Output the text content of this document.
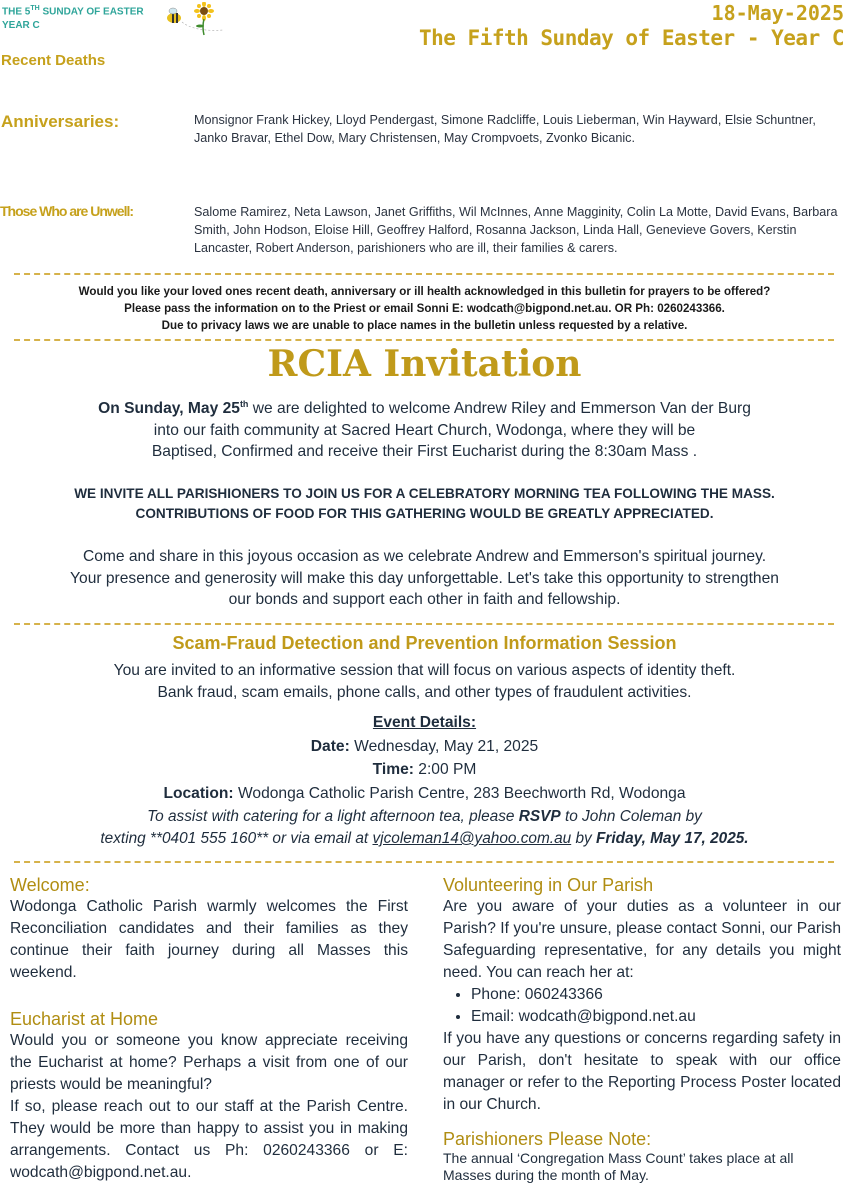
THE 5TH SUNDAY OF EASTER
YEAR C
18-May-2025
The Fifth Sunday of Easter - Year C
Recent Deaths
Anniversaries:	Monsignor Frank Hickey, Lloyd Pendergast, Simone Radcliffe, Louis Lieberman, Win Hayward, Elsie Schuntner, Janko Bravar, Ethel Dow, Mary Christensen, May Crompvoets, Zvonko Bicanic.
Those Who are Unwell:	Salome Ramirez, Neta Lawson, Janet Griffiths, Wil McInnes, Anne Magginity, Colin La Motte, David Evans, Barbara Smith, John Hodson, Eloise Hill, Geoffrey Halford, Rosanna Jackson, Linda Hall, Genevieve Govers, Kerstin Lancaster, Robert Anderson, parishioners who are ill, their families & carers.
Would you like your loved ones recent death, anniversary or ill health acknowledged in this bulletin for prayers to be offered?
Please pass the information on to the Priest or email Sonni E: wodcath@bigpond.net.au. OR Ph: 0260243366.
Due to privacy laws we are unable to place names in the bulletin unless requested by a relative.
RCIA Invitation
On Sunday, May 25th we are delighted to welcome Andrew Riley and Emmerson Van der Burg
into our faith community at Sacred Heart Church, Wodonga, where they will be
Baptised, Confirmed and receive their First Eucharist during the 8:30am Mass .
WE INVITE ALL PARISHIONERS TO JOIN US FOR A CELEBRATORY MORNING TEA FOLLOWING THE MASS.
CONTRIBUTIONS OF FOOD FOR THIS GATHERING WOULD BE GREATLY APPRECIATED.
Come and share in this joyous occasion as we celebrate Andrew and Emmerson's spiritual journey.
Your presence and generosity will make this day unforgettable. Let's take this opportunity to strengthen
our bonds and support each other in faith and fellowship.
Scam-Fraud Detection and Prevention Information Session
You are invited to an informative session that will focus on various aspects of identity theft.
Bank fraud, scam emails, phone calls, and other types of fraudulent activities.
Event Details:
Date: Wednesday, May 21, 2025
Time: 2:00 PM
Location: Wodonga Catholic Parish Centre, 283 Beechworth Rd, Wodonga
To assist with catering for a light afternoon tea, please RSVP to John Coleman by
texting **0401 555 160** or via email at vjcoleman14@yahoo.com.au by Friday, May 17, 2025.
Welcome:
Wodonga Catholic Parish warmly welcomes the First Reconciliation candidates and their families as they continue their faith journey during all Masses this weekend.
Eucharist at Home
Would you or someone you know appreciate receiving the Eucharist at home? Perhaps a visit from one of our priests would be meaningful?
If so, please reach out to our staff at the Parish Centre. They would be more than happy to assist you in making arrangements. Contact us Ph: 0260243366 or E: wodcath@bigpond.net.au.
Volunteering in Our Parish
Are you aware of your duties as a volunteer in our Parish? If you're unsure, please contact Sonni, our Parish Safeguarding representative, for any details you might need. You can reach her at:
• Phone: 060243366
• Email: wodcath@bigpond.net.au
If you have any questions or concerns regarding safety in our Parish, don't hesitate to speak with our office manager or refer to the Reporting Process Poster located in our Church.
Parishioners Please Note:
The annual ‘Congregation Mass Count’ takes place at all Masses during the month of May.
